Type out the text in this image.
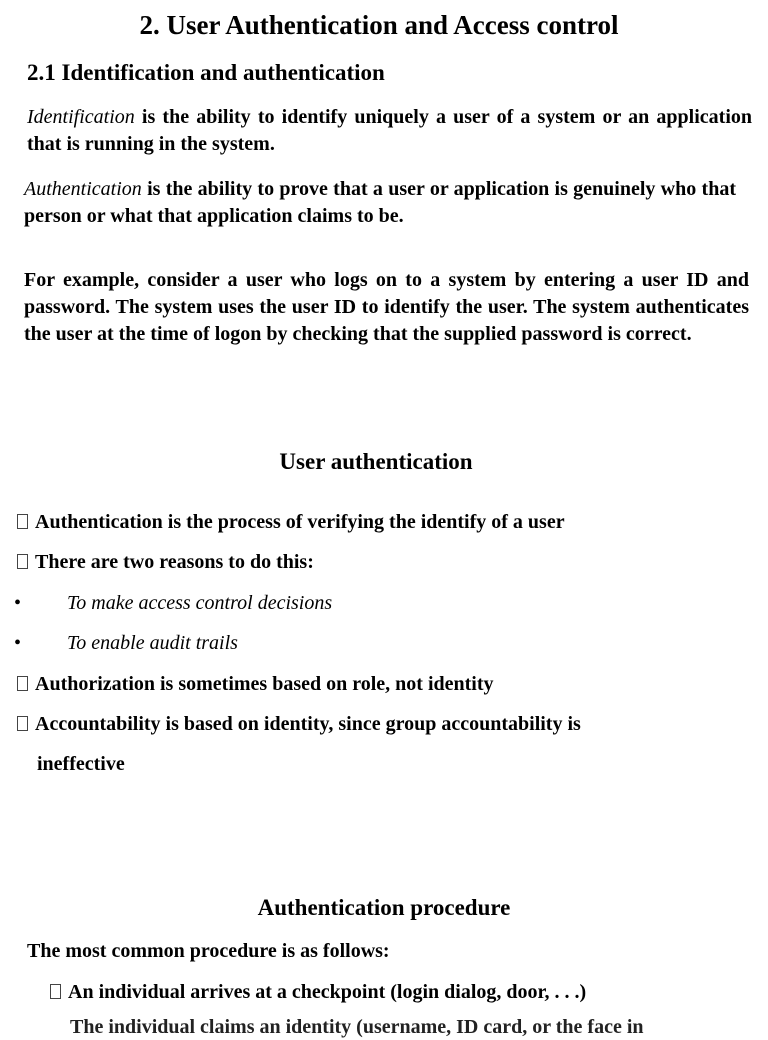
2. User Authentication and Access control
2.1 Identification and authentication
Identification is the ability to identify uniquely a user of a system or an application that is running in the system.
Authentication is the ability to prove that a user or application is genuinely who that person or what that application claims to be.
For example, consider a user who logs on to a system by entering a user ID and password. The system uses the user ID to identify the user. The system authenticates the user at the time of logon by checking that the supplied password is correct.
User authentication
Authentication is the process of verifying the identify of a user
There are two reasons to do this:
• To make access control decisions
• To enable audit trails
Authorization is sometimes based on role, not identity
Accountability is based on identity, since group accountability is
ineffective
Authentication procedure
The most common procedure is as follows:
An individual arrives at a checkpoint (login dialog, door, . . .)
The individual claims an identity (username, ID card, or the face in
